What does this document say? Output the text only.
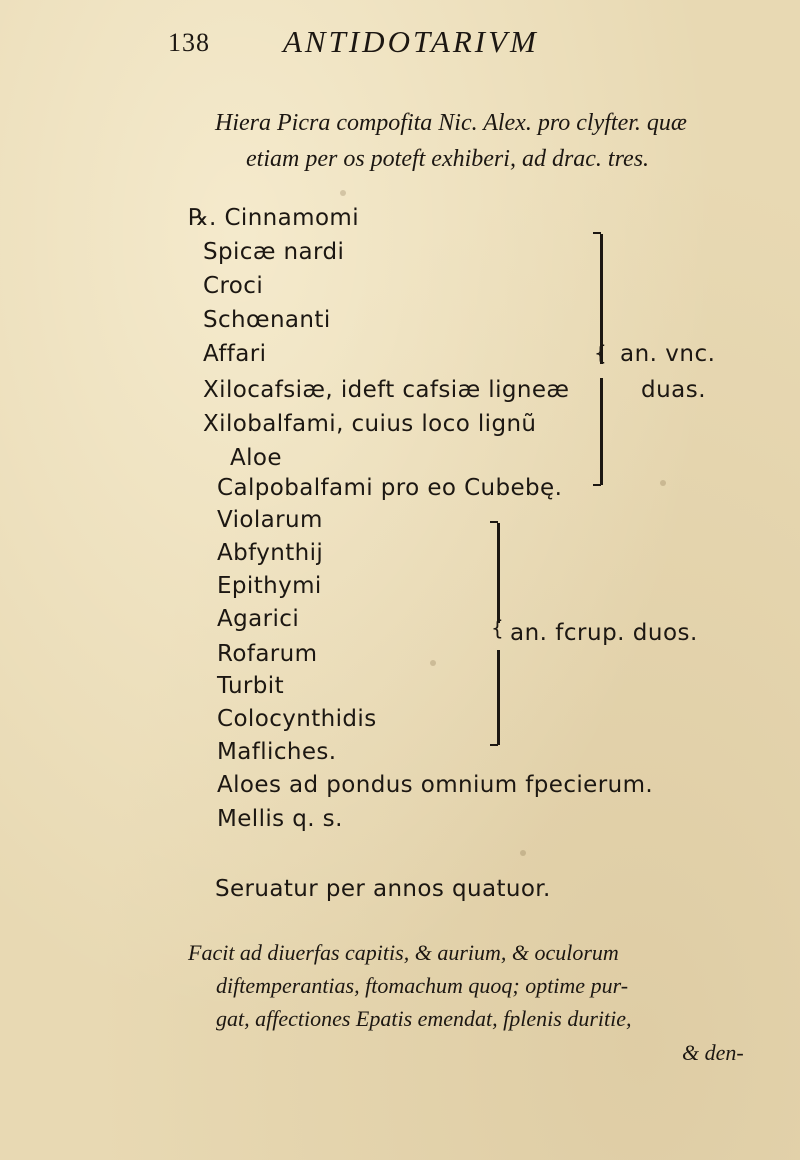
138 ANTIDOTARIVM
Hiera Picra compofita Nic. Alex. pro clyfter. quæ
etiam per os poteft exhiberi, ad drac. tres.
℞. Cinnamomi
Spicæ nardi
Croci
Schœnanti
Affari
Xilocafsiæ, ideft cafsiæ ligneæ
Xilobalfami, cuius loco lignũ
Aloe
Calpobalfami pro eo Cubebę.
{ an. vnc.
duas.
Violarum
Abfynthij
Epithymi
Agarici
Rofarum
Turbit
Colocynthidis
Mafliches.
{ an. fcrup. duos.
Aloes ad pondus omnium fpecierum.
Mellis q. s.
Seruatur per annos quatuor.
Facit ad diuerfas capitis, & aurium, & oculorum
diftemperantias, ftomachum quoq; optime pur-
gat, affectiones Epatis emendat, fplenis duritie,
& den-
